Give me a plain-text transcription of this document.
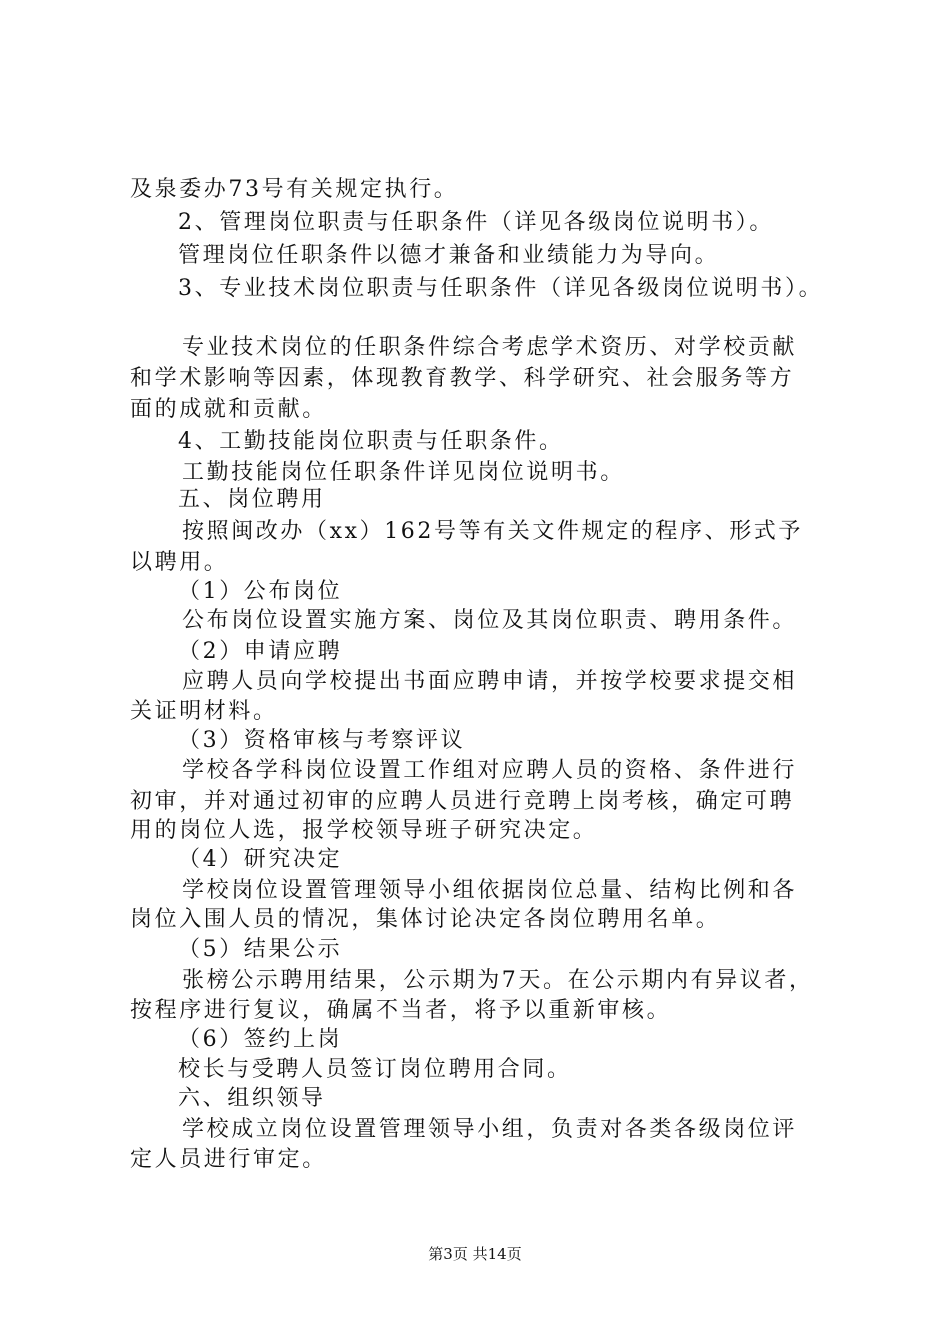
及泉委办73号有关规定执行。

2、管理岗位职责与任职条件（详见各级岗位说明书）。

管理岗位任职条件以德才兼备和业绩能力为导向。

3、专业技术岗位职责与任职条件（详见各级岗位说明书）。

专业技术岗位的任职条件综合考虑学术资历、对学校贡献

和学术影响等因素，体现教育教学、科学研究、社会服务等方

面的成就和贡献。

4、工勤技能岗位职责与任职条件。

工勤技能岗位任职条件详见岗位说明书。

五、岗位聘用

按照闽改办（xx）162号等有关文件规定的程序、形式予

以聘用。

（1）公布岗位

公布岗位设置实施方案、岗位及其岗位职责、聘用条件。

（2）申请应聘

应聘人员向学校提出书面应聘申请，并按学校要求提交相

关证明材料。

（3）资格审核与考察评议

学校各学科岗位设置工作组对应聘人员的资格、条件进行

初审，并对通过初审的应聘人员进行竞聘上岗考核，确定可聘

用的岗位人选，报学校领导班子研究决定。

（4）研究决定

学校岗位设置管理领导小组依据岗位总量、结构比例和各

岗位入围人员的情况，集体讨论决定各岗位聘用名单。

（5）结果公示

张榜公示聘用结果，公示期为7天。在公示期内有异议者，

按程序进行复议，确属不当者，将予以重新审核。

（6）签约上岗

校长与受聘人员签订岗位聘用合同。

六、组织领导

学校成立岗位设置管理领导小组，负责对各类各级岗位评

定人员进行审定。

第3页 共14页
